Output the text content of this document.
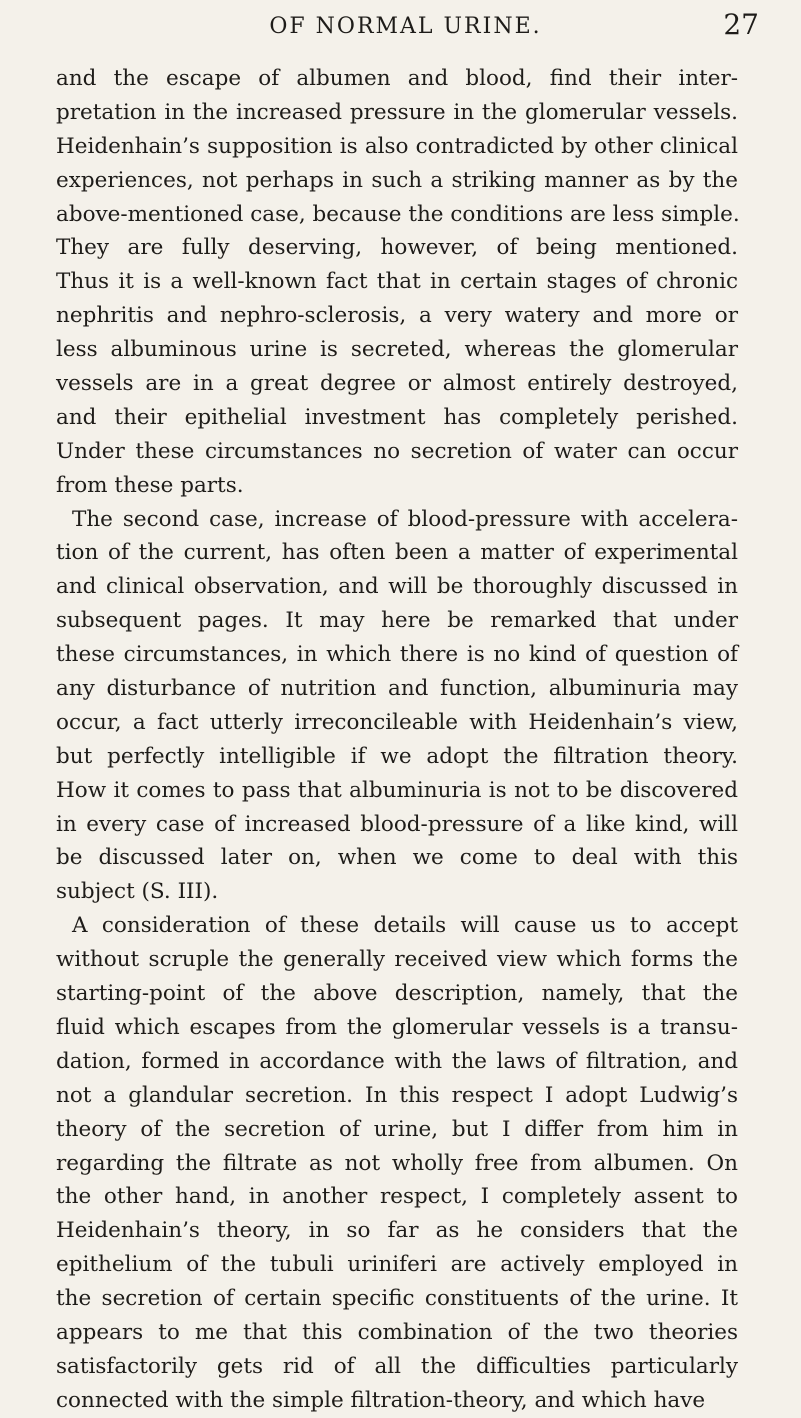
OF NORMAL URINE.	27
and the escape of albumen and blood, find their inter-
pretation in the increased pressure in the glomerular vessels.
Heidenhain’s supposition is also contradicted by other clinical
experiences, not perhaps in such a striking manner as by the
above-mentioned case, because the conditions are less simple.
They are fully deserving, however, of being mentioned.
Thus it is a well-known fact that in certain stages of chronic
nephritis and nephro-sclerosis, a very watery and more or
less albuminous urine is secreted, whereas the glomerular
vessels are in a great degree or almost entirely destroyed,
and their epithelial investment has completely perished.
Under these circumstances no secretion of water can occur
from these parts.
The second case, increase of blood-pressure with accelera-
tion of the current, has often been a matter of experimental
and clinical observation, and will be thoroughly discussed in
subsequent pages. It may here be remarked that under
these circumstances, in which there is no kind of question of
any disturbance of nutrition and function, albuminuria may
occur, a fact utterly irreconcileable with Heidenhain’s view,
but perfectly intelligible if we adopt the filtration theory.
How it comes to pass that albuminuria is not to be discovered
in every case of increased blood-pressure of a like kind, will
be discussed later on, when we come to deal with this
subject (S. III).
A consideration of these details will cause us to accept
without scruple the generally received view which forms the
starting-point of the above description, namely, that the
fluid which escapes from the glomerular vessels is a transu-
dation, formed in accordance with the laws of filtration, and
not a glandular secretion. In this respect I adopt Ludwig’s
theory of the secretion of urine, but I differ from him in
regarding the filtrate as not wholly free from albumen. On
the other hand, in another respect, I completely assent to
Heidenhain’s theory, in so far as he considers that the
epithelium of the tubuli uriniferi are actively employed in
the secretion of certain specific constituents of the urine. It
appears to me that this combination of the two theories
satisfactorily gets rid of all the difficulties particularly
connected with the simple filtration-theory, and which have
